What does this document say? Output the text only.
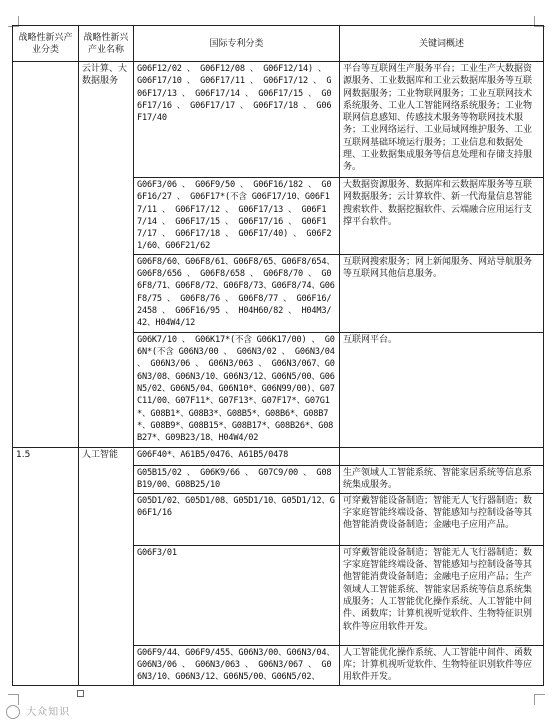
战略性新兴产业分类	战略性新兴产业名称	国际专利分类	关键词概述
	云计算、大数据服务	G06F12/02 、 G06F12/08 、 G06F12/14) 、 G06F17/10 、 G06F17/11 、 G06F17/12 、 G06F17/13 、 G06F17/14 、 G06F17/15 、 G06F17/16 、 G06F17/17 、 G06F17/18 、 G06F17/40	平台等互联网生产服务平台；工业生产大数据资源服务、工业数据库和工业云数据库服务等互联网数据服务；工业物联网服务；工业互联网技术系统服务、工业人工智能网络系统服务；工业物联网信息感知、传感技术服务等物联网技术服务；工业网络运行、工业局域网维护服务、工业互联网基础环境运行服务；工业信息和数据处理、工业数据集成服务等信息处理和存储支持服务。
		G06F3/06 、 G06F9/50 、 G06F16/182 、 G06F16/27 、 G06F17*(不含 G06F17/10、G06F17/11 、 G06F17/12 、 G06F17/13 、 G06F17/14 、 G06F17/15 、 G06F17/16 、 G06F17/17 、 G06F17/18 、 G06F17/40) 、 G06F21/60、G06F21/62	大数据资源服务、数据库和云数据库服务等互联网数据服务；云计算软件、新一代海量信息智能搜索软件、数据挖掘软件、云端融合应用运行支撑平台软件。
		G06F8/60、G06F8/61、G06F8/65、G06F8/654、G06F8/656 、 G06F8/658 、 G06F8/70 、 G06F8/71、G06F8/72、G06F8/73、G06F8/74、G06F8/75 、 G06F8/76 、 G06F8/77 、 G06F16/2458 、 G06F16/95 、 H04H60/82 、 H04M3/42、H04W4/12	互联网搜索服务；网上新闻服务、网站导航服务等互联网其他信息服务。
		G06K7/10 、 G06K17*(不含 G06K17/00) 、 G06N*(不含 G06N3/00 、 G06N3/02 、 G06N3/04 、 G06N3/06 、 G06N3/063 、 G06N3/067、G06N3/08、G06N3/10、G06N3/12、G06N5/00、G06N5/02、G06N5/04、G06N10*、G06N99/00)、G07C11/00、G07F11*、G07F13*、G07F17*、G07G1*、G08B1*、G08B3*、G08B5*、G08B6*、G08B7*、G08B9*、G08B15*、G08B17*、G08B26*、G08B27*、G09B23/18、H04W4/02	互联网平台。
1.5	人工智能	G06F40*、A61B5/0476、A61B5/0478	
		G05B15/02 、 G06K9/66 、 G07C9/00 、 G08B19/00、G08B25/10	生产领域人工智能系统、智能家居系统等信息系统集成服务。
		G05D1/02、G05D1/08、G05D1/10、G05D1/12、G06F1/16	可穿戴智能设备制造；智能无人飞行器制造；数字家庭智能终端设备、智能感知与控制设备等其他智能消费设备制造；金融电子应用产品。
		G06F3/01	可穿戴智能设备制造；智能无人飞行器制造；数字家庭智能终端设备、智能感知与控制设备等其他智能消费设备制造；金融电子应用产品；生产领域人工智能系统、智能家居系统等信息系统集成服务；人工智能优化操作系统、人工智能中间件、函数库；计算机视听觉软件、生物特征识别软件等应用软件开发。
		G06F9/44、G06F9/455、G06N3/00、G06N3/04、G06N3/06 、 G06N3/063 、 G06N3/067 、 G06N3/10、G06N3/12、G06N5/00、G06N5/02、	人工智能优化操作系统、人工智能中间件、函数库；计算机视听觉软件、生物特征识别软件等应用软件开发。
大众知识
